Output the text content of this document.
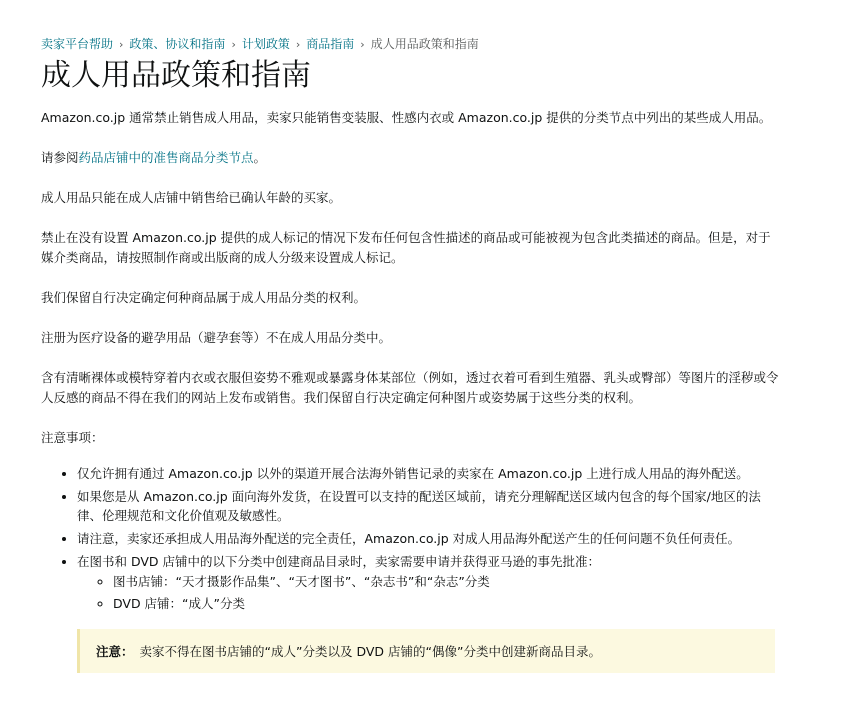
卖家平台帮助 › 政策、协议和指南 › 计划政策 › 商品指南 › 成人用品政策和指南
成人用品政策和指南

Amazon.co.jp 通常禁止销售成人用品，卖家只能销售变装服、性感内衣或 Amazon.co.jp 提供的分类节点中列出的某些成人用品。

请参阅药品店铺中的准售商品分类节点。

成人用品只能在成人店铺中销售给已确认年龄的买家。

禁止在没有设置 Amazon.co.jp 提供的成人标记的情况下发布任何包含性描述的商品或可能被视为包含此类描述的商品。但是，对于媒介类商品，请按照制作商或出版商的成人分级来设置成人标记。

我们保留自行决定确定何种商品属于成人用品分类的权利。

注册为医疗设备的避孕用品（避孕套等）不在成人用品分类中。

含有清晰裸体或模特穿着内衣或衣服但姿势不雅观或暴露身体某部位（例如，透过衣着可看到生殖器、乳头或臀部）等图片的淫秽或令人反感的商品不得在我们的网站上发布或销售。我们保留自行决定确定何种图片或姿势属于这些分类的权利。

注意事项：

• 仅允许拥有通过 Amazon.co.jp 以外的渠道开展合法海外销售记录的卖家在 Amazon.co.jp 上进行成人用品的海外配送。
• 如果您是从 Amazon.co.jp 面向海外发货，在设置可以支持的配送区域前，请充分理解配送区域内包含的每个国家/地区的法律、伦理规范和文化价值观及敏感性。
• 请注意，卖家还承担成人用品海外配送的完全责任，Amazon.co.jp 对成人用品海外配送产生的任何问题不负任何责任。
• 在图书和 DVD 店铺中的以下分类中创建商品目录时，卖家需要申请并获得亚马逊的事先批准：
◦ 图书店铺：“天才摄影作品集”、“天才图书”、“杂志书”和“杂志”分类
◦ DVD 店铺：“成人”分类
注意： 卖家不得在图书店铺的“成人”分类以及 DVD 店铺的“偶像”分类中创建新商品目录。
